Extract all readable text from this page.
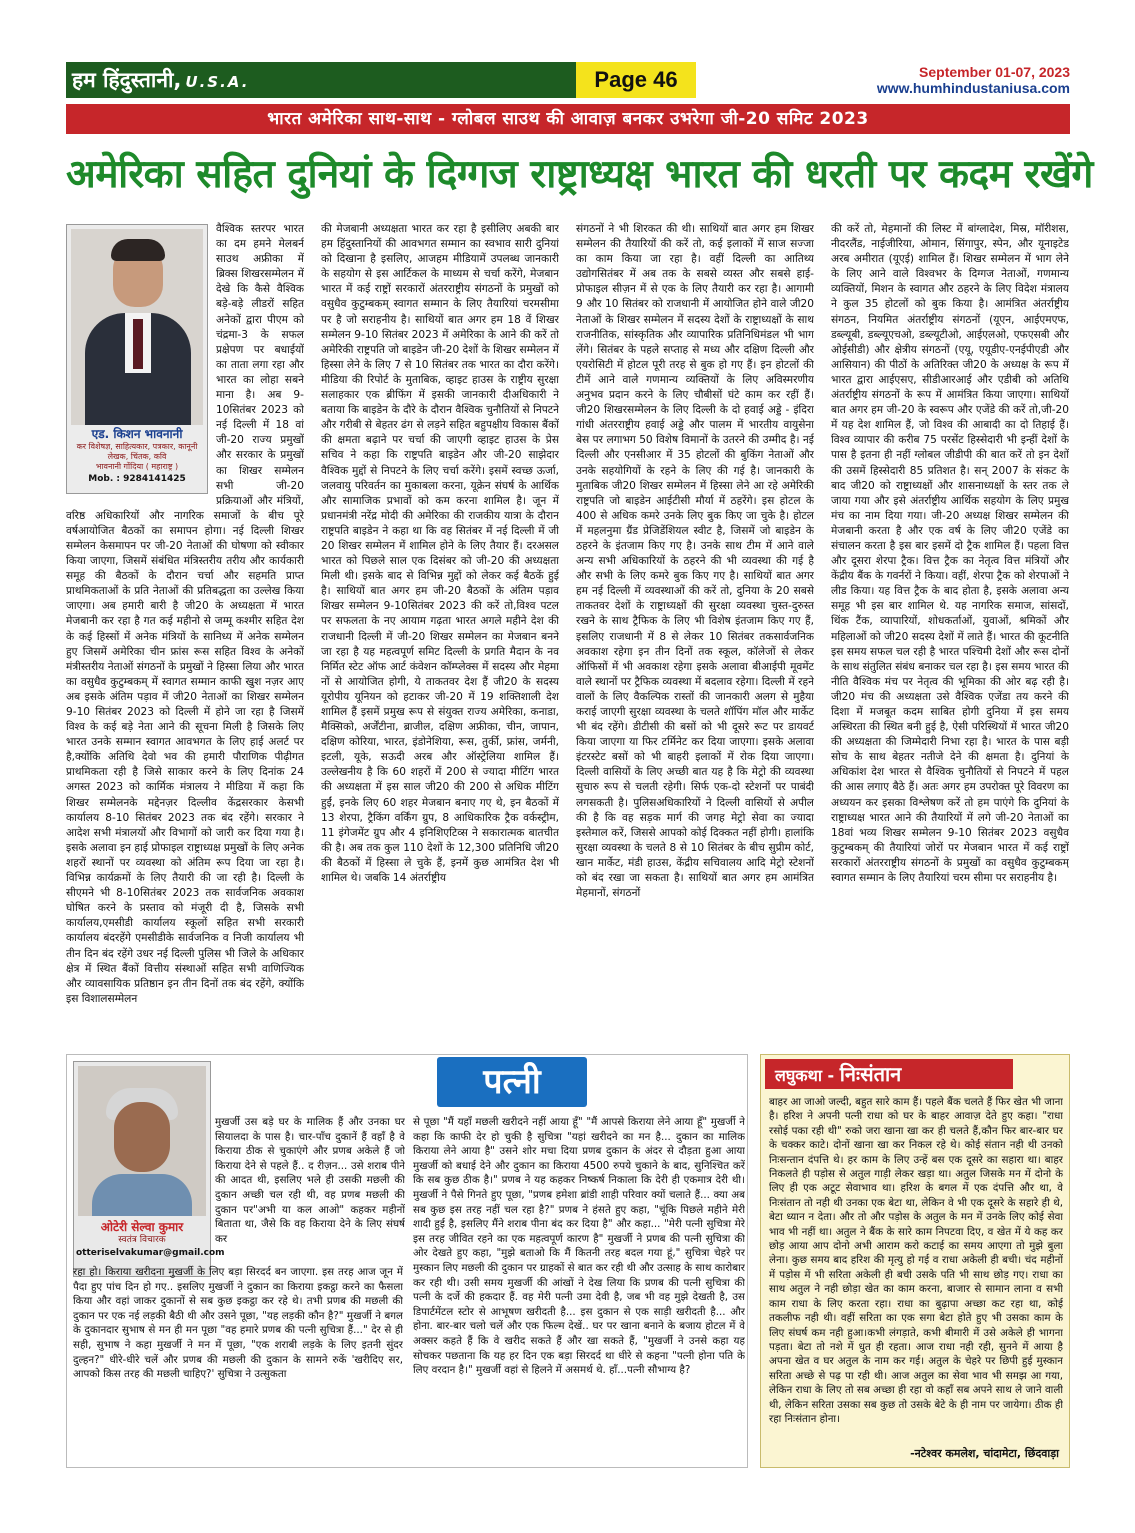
हम हिंदुस्तानी, U.S.A.	Page 46	September 01-07, 2023
www.humhindustaniusa.com
भारत अमेरिका साथ-साथ - ग्लोबल साउथ की आवाज़ बनकर उभरेगा जी-20 समिट 2023
अमेरिका सहित दुनियां के दिग्गज राष्ट्राध्यक्ष भारत की धरती पर कदम रखेंगे
एड. किशन भावनानी
कर विशेषज्ञ, साहित्यकार, पत्रकार, कानूनी लेखक, चिंतक, कवि
भावनानी गोंदिया ( महाराष्ट्र )
Mob. : 9284141425

वैश्विक स्तरपर भारत का दम हमने मेलबर्न साउथ अफ्रीका में ब्रिक्स शिखरसम्मेलन में देखे कि कैसे वैश्विक बड़े-बड़े लीडरों सहित अनेकों द्वारा पीएम को चंद्रमा-3 के सफल प्रक्षेपण पर बधाईयों का ताता लगा रहा और भारत का लोहा सबने माना है। अब 9-10सितंबर 2023 को नई दिल्ली में 18 वां जी-20 राज्य प्रमुखों और सरकार के प्रमुखों का शिखर सम्मेलन सभी जी-20 प्रक्रियाओं और मंत्रियों, वरिष्ठ अधिकारियों और नागरिक समाजों के बीच पूरे वर्षआयोजित बैठकों का समापन होगा। नई दिल्ली शिखर सम्मेलन केसमापन पर जी-20 नेताओं की घोषणा को स्वीकार किया जाएगा, जिसमें संबंधित मंत्रिस्तरीय तरीय और कार्यकारी समूह की बैठकों के दौरान चर्चा और सहमति प्राप्त प्राथमिकताओं के प्रति नेताओं की प्रतिबद्धता का उल्लेख किया जाएगा। अब हमारी बारी है जी20 के अध्यक्षता में भारत मेजबानी कर रहा है गत कई महीनो से जम्मू कश्मीर सहित देश के कई हिस्सों में अनेक मंत्रियों के सानिध्य में अनेक सम्मेलन हुए जिसमें अमेरिका चीन फ्रांस रूस सहित विश्व के अनेकों मंत्रीस्तरीय नेताओं संगठनों के प्रमुखों ने हिस्सा लिया और भारत का वसुधैव कुटुम्बकम् में स्वागत सम्मान काफी खुश नज़र आए अब इसके अंतिम पड़ाव में जी20 नेताओं का शिखर सम्मेलन 9-10 सितंबर 2023 को दिल्ली में होने जा रहा है जिसमें विश्व के कई बड़े नेता आने की सूचना मिली है जिसके लिए भारत उनके सम्मान स्वागत आवभगत के लिए हाई अलर्ट पर है,क्योंकि अतिथि देवो भव की हमारी पौराणिक पीढ़ीगत प्राथमिकता रही है जिसे साकार करने के लिए दिनांक 24 अगस्त 2023 को कार्मिक मंत्रालय ने मीडिया में कहा कि शिखर सम्मेलनके मद्देनज़र दिल्लीव केंद्रसरकार केसभी कार्यालय 8-10 सितंबर 2023 तक बंद रहेंगे। सरकार ने आदेश सभी मंत्रालयों और विभागों को जारी कर दिया गया है। इसके अलावा इन हाई प्रोफाइल राष्ट्राध्यक्ष प्रमुखों के लिए अनेक शहरों स्थानों पर व्यवस्था को अंतिम रूप दिया जा रहा है। विभिन्न कार्यक्रमों के लिए तैयारी की जा रही है। दिल्ली के सीएमने भी 8-10सितंबर 2023 तक सार्वजनिक अवकाश घोषित करने के प्रस्ताव को मंजूरी दी है, जिसके सभी कार्यालय,एमसीडी कार्यालय स्कूलों सहित सभी सरकारी कार्यालय बंदरहेंगे एमसीडीके सार्वजनिक व निजी कार्यालय भी तीन दिन बंद रहेंगे उधर नई दिल्ली पुलिस भी जिले के अधिकार क्षेत्र में स्थित बैंकों वित्तीय संस्थाओं सहित सभी वाणिज्यिक और व्यावसायिक प्रतिष्ठान इन तीन दिनों तक बंद रहेंगे, क्योंकि इस विशालसम्मेलन

की मेजबानी अध्यक्षता भारत कर रहा है इसीलिए अबकी बार हम हिंदुस्तानियों की आवभगत सम्मान का स्वभाव सारी दुनियां को दिखाना है इसलिए, आजहम मीडियामें उपलब्ध जानकारी के सहयोग से इस आर्टिकल के माध्यम से चर्चा करेंगे, मेजबान भारत में कई राष्ट्रों सरकारों अंतरराष्ट्रीय संगठनों के प्रमुखों को वसुधैव कुटुम्बकम् स्वागत सम्मान के लिए तैयारियां चरमसीमा पर है जो सराहनीय है। साथियों बात अगर हम 18 वें शिखर सम्मेलन 9-10 सितंबर 2023 में अमेरिका के आने की करें तो अमेरिकी राष्ट्रपति जो बाइडेन जी-20 देशों के शिखर सम्मेलन में हिस्सा लेने के लिए 7 से 10 सितंबर तक भारत का दौरा करेंगे। मीडिया की रिपोर्ट के मुताबिक, व्हाइट हाउस के राष्ट्रीय सुरक्षा सलाहकार एक ब्रीफिंग में इसकी जानकारी दीअधिकारी ने बताया कि बाइडेन के दौरे के दौरान वैश्विक चुनौतियों से निपटने और गरीबी से बेहतर ढंग से लड़ने सहित बहुपक्षीय विकास बैंकों की क्षमता बढ़ाने पर चर्चा की जाएगी व्हाइट हाउस के प्रेस सचिव ने कहा कि राष्ट्रपति बाइडेन और जी-20 साझेदार वैश्विक मुद्दों से निपटने के लिए चर्चा करेंगे। इसमें स्वच्छ ऊर्जा, जलवायु परिवर्तन का मुकाबला करना, यूक्रेन संघर्ष के आर्थिक और सामाजिक प्रभावों को कम करना शामिल है। जून में प्रधानमंत्री नरेंद्र मोदी की अमेरिका की राजकीय यात्रा के दौरान राष्ट्रपति बाइडेन ने कहा था कि वह सितंबर में नई दिल्ली में जी 20 शिखर सम्मेलन में शामिल होने के लिए तैयार हैं। दरअसल भारत को पिछले साल एक दिसंबर को जी-20 की अध्यक्षता मिली थी। इसके बाद से विभिन्न मुद्दों को लेकर कई बैठकें हुई है। साथियों बात अगर हम जी-20 बैठकों के अंतिम पड़ाव शिखर सम्मेलन 9-10सितंबर 2023 की करें तो,विश्व पटल पर सफलता के नए आयाम गढ़ता भारत अगले महीने देश की राजधानी दिल्ली में जी-20 शिखर सम्मेलन का मेजबान बनने जा रहा है यह महत्वपूर्ण समिट दिल्ली के प्रगति मैदान के नव निर्मित स्टेट ऑफ आर्ट कंवेशन कॉम्प्लेक्स में सदस्य और मेहमा नों से आयोजित होगी, ये ताकतवर देश हैं जी20 के सदस्य यूरोपीय यूनियन को हटाकर जी-20 में 19 शक्तिशाली देश शामिल हैं इसमें प्रमुख रूप से संयुक्त राज्य अमेरिका, कनाडा, मैक्सिको, अर्जेंटीना, ब्राजील, दक्षिण अफ्रीका, चीन, जापान, दक्षिण कोरिया, भारत, इंडोनेशिया, रूस, तुर्की, फ्रांस, जर्मनी, इटली, यूके, सऊदी अरब और ऑस्ट्रेलिया शामिल हैं। उल्लेखनीय है कि 60 शहरों में 200 से ज्यादा मीटिंग भारत की अध्यक्षता में इस साल जी20 की 200 से अधिक मीटिंग हुईं, इनके लिए 60 शहर मेजबान बनाए गए थे, इन बैठकों में 13 शेरपा, ट्रैकिंग वर्किंग ग्रुप, 8 आधिकारिक ट्रैक वर्कस्ट्रीम, 11 इंगेजमेंट ग्रुप और 4 इनिशिएटिव्स ने सकारात्मक बातचीत की है। अब तक कुल 110 देशों के 12,300 प्रतिनिधि जी20 की बैठकों में हिस्सा ले चुके हैं, इनमें कुछ आमंत्रित देश भी शामिल थे। जबकि 14 अंतर्राष्ट्रीय

संगठनों ने भी शिरकत की थी। साथियों बात अगर हम शिखर सम्मेलन की तैयारियों की करें तो, कई इलाकों में साज सज्जा का काम किया जा रहा है। वहीं दिल्ली का आतिथ्य उद्योगसितंबर में अब तक के सबसे व्यस्त और सबसे हाई-प्रोफाइल सीज़न में से एक के लिए तैयारी कर रहा है। आगामी 9 और 10 सितंबर को राजधानी में आयोजित होने वाले जी20 नेताओं के शिखर सम्मेलन में सदस्य देशों के राष्ट्राध्यक्षों के साथ राजनीतिक, सांस्कृतिक और व्यापारिक प्रतिनिधिमंडल भी भाग लेंगे। सितंबर के पहले सप्ताह से मध्य और दक्षिण दिल्ली और एयरोसिटी में होटल पूरी तरह से बुक हो गए हैं। इन होटलों की टीमें आने वाले गणमान्य व्यक्तियों के लिए अविस्मरणीय अनुभव प्रदान करने के लिए चौबीसों घंटे काम कर रहीं हैं। जी20 शिखरसम्मेलन के लिए दिल्ली के दो हवाई अड्डे - इंदिरा गांधी अंतरराष्ट्रीय हवाई अड्डे और पालम में भारतीय वायुसेना बेस पर लगाभग 50 विशेष विमानों के उतरने की उम्मीद है। नई दिल्ली और एनसीआर में 35 होटलों की बुकिंग नेताओं और उनके सहयोगियों के रहने के लिए की गई है। जानकारी के मुताबिक जी20 शिखर सम्मेलन में हिस्सा लेने आ रहे अमेरिकी राष्ट्रपति जो बाइडेन आईटीसी मौर्या में ठहरेंगे। इस होटल के 400 से अधिक कमरे उनके लिए बुक किए जा चुके है। होटल में महलनुमा ग्रैंड प्रेजिडेंशियल स्वीट है, जिसमें जो बाइडेन के ठहरने के इंतजाम किए गए है। उनके साथ टीम में आने वाले अन्य सभी अधिकारियों के ठहरने की भी व्यवस्था की गई है और सभी के लिए कमरे बुक किए गए है। साथियों बात अगर हम नई दिल्ली में व्यवस्थाओं की करें तो, दुनिया के 20 सबसे ताकतवर देशों के राष्ट्राध्यक्षों की सुरक्षा व्यवस्था चुस्त-दुरुस्त रखने के साथ ट्रैफिक के लिए भी विशेष इंतजाम किए गए हैं, इसलिए राजधानी में 8 से लेकर 10 सितंबर तकसार्वजनिक अवकाश रहेगा इन तीन दिनों तक स्कूल, कॉलेजों से लेकर ऑफिसों में भी अवकाश रहेगा इसके अलावा बीआईपी मूवमेंट वाले स्थानों पर ट्रैफिक व्यवस्था में बदलाव रहेगा। दिल्ली में रहने वालों के लिए वैकल्पिक रास्तों की जानकारी अलग से मुहैया कराई जाएगी सुरक्षा व्यवस्था के चलते शॉपिंग मॉल और मार्केट भी बंद रहेंगे। डीटीसी की बसों को भी दूसरे रूट पर डायवर्ट किया जाएगा या फिर टर्मिनेट कर दिया जाएगा। इसके अलावा इंटरस्टेट बसों को भी बाहरी इलाकों में रोक दिया जाएगा। दिल्ली वासियों के लिए अच्छी बात यह है कि मेट्रो की व्यवस्था सुचारु रूप से चलती रहेगी। सिर्फ एक-दो स्टेशनों पर पाबंदी लगसकती है। पुलिसअधिकारियों ने दिल्ली वासियों से अपील की है कि वह सड़क मार्ग की जगह मेट्रो सेवा का ज्यादा इस्तेमाल करें, जिससे आपको कोई दिक्कत नहीं होगी। हालांकि सुरक्षा व्यवस्था के चलते 8 से 10 सितंबर के बीच सुप्रीम कोर्ट, खान मार्केट, मंडी हाउस, केंद्रीय सचिवालय आदि मेट्रो स्टेशनों को बंद रखा जा सकता है। साथियों बात अगर हम आमंत्रित मेहमानों, संगठनों

की करें तो, मेहमानों की लिस्ट में बांग्लादेश, मिस्र, मॉरीशस, नीदरलैंड, नाईजीरिया, ओमान, सिंगापुर, स्पेन, और यूनाइटेड अरब अमीरात (यूएई) शामिल हैं। शिखर सम्मेलन में भाग लेने के लिए आने वाले विश्वभर के दिग्गज नेताओं, गणमान्य व्यक्तियों, मिशन के स्वागत और ठहरने के लिए विदेश मंत्रालय ने कुल 35 होटलों को बुक किया है। आमंत्रित अंतर्राष्ट्रीय संगठन, नियमित अंतर्राष्ट्रीय संगठनों (यूएन, आईएमएफ, डब्ल्यूबी, डब्ल्यूएचओ, डब्ल्यूटीओ, आईएलओ, एफएसबी और ओईसीडी) और क्षेत्रीय संगठनों (एयू, एयूडीए-एनईपीएडी और आसियान) की पीठों के अतिरिक्त जी20 के अध्यक्ष के रूप में भारत द्वारा आईएसए, सीडीआरआई और एडीबी को अतिथि अंतर्राष्ट्रीय संगठनों के रूप में आमंत्रित किया जाएगा। साथियों बात अगर हम जी-20 के स्वरूप और एजेंडे की करें तो,जी-20 में यह देश शामिल हैं, जो विश्व की आबादी का दो तिहाई हैं। विश्व व्यापार की करीब 75 परसेंट हिस्सेदारी भी इन्हीं देशों के पास है इतना ही नहीं ग्लोबल जीडीपी की बात करें तो इन देशों की उसमें हिस्सेदारी 85 प्रतिशत है। सन् 2007 के संकट के बाद जी20 को राष्ट्राध्यक्षों और शासनाध्यक्षों के स्तर तक ले जाया गया और इसे अंतर्राष्ट्रीय आर्थिक सहयोग के लिए प्रमुख मंच का नाम दिया गया। जी-20 अध्यक्ष शिखर सम्मेलन की मेजबानी करता है और एक वर्ष के लिए जी20 एजेंडे का संचालन करता है इस बार इसमें दो ट्रैक शामिल हैं। पहला वित्त और दूसरा शेरपा ट्रैक। वित्त ट्रैक का नेतृत्व वित्त मंत्रियों और केंद्रीय बैंक के गवर्नरों ने किया। वहीं, शेरपा ट्रैक को शेरपाओं ने लीड किया। यह वित्त ट्रैक के बाद होता है, इसके अलावा अन्य समूह भी इस बार शामिल थे. यह नागरिक समाज, सांसदों, थिंक टैंक, व्यापारियों, शोधकर्ताओं, युवाओं, श्रमिकों और महिलाओं को जी20 सदस्य देशों में लाते हैं। भारत की कूटनीति इस समय सफल चल रही है भारत पश्चिमी देशों और रूस दोनों के साथ संतुलित संबंध बनाकर चल रहा है। इस समय भारत की नीति वैश्विक मंच पर नेतृत्व की भूमिका की ओर बढ़ रही है। जी20 मंच की अध्यक्षता उसे वैश्विक एजेंडा तय करने की दिशा में मजबूत कदम साबित होगी दुनिया में इस समय अस्थिरता की स्थित बनी हुई है, ऐसी परिस्थियों में भारत जी20 की अध्यक्षता की जिम्मेदारी निभा रहा है। भारत के पास बड़ी सोच के साथ बेहतर नतीजे देने की क्षमता है। दुनियां के अधिकांश देश भारत से वैश्विक चुनौतियों से निपटने में पहल की आस लगाए बैठे हैं। अतः अगर हम उपरोक्त पूरे विवरण का अध्ययन कर इसका विश्लेषण करें तो हम पाएंगे कि दुनियां के राष्ट्राध्यक्ष भारत आने की तैयारियों में लगे जी-20 नेताओं का 18वां भव्य शिखर सम्मेलन 9-10 सितंबर 2023 वसुधैव कुटुम्बकम् की तैयारियां जोरों पर मेजबान भारत में कई राष्ट्रों सरकारों अंतरराष्ट्रीय संगठनों के प्रमुखों का वसुधैव कुटुम्बकम् स्वागत सम्मान के लिए तैयारियां चरम सीमा पर सराहनीय है।

ओटेरी सेल्वा कुमार
स्वतंत्र विचारक
otteriselvakumar@gmail.com
पत्नी
मुखर्जी उस बड़े घर के मालिक हैं और उनका घर सियालदा के पास है। चार-पाँच दुकानें हैं वहाँ है वे किराया ठीक से चुकाएंगे और प्रणब अकेले हैं जो किराया देने से पहले हैं.. द रीज़न... उसे शराब पीने की आदत थी, इसलिए भले ही उसकी मछली की दुकान अच्छी चल रही थी, वह प्रणब मछली की दुकान पर"अभी या कल आओ" कहकर महीनों बिताता था, जैसे कि वह किराया देने के लिए संघर्ष कर
रहा हो। किराया खरीदना मुखर्जी के लिए बड़ा सिरदर्द बन जाएगा. इस तरह आज जून में पैदा हुए पांच दिन हो गए.. इसलिए मुखर्जी ने दुकान का किराया इकट्ठा करने का फैसला किया और वहां जाकर दुकानों से सब कुछ इकट्ठा कर रहे थे। तभी प्रणब की मछली की दुकान पर एक नई लड़की बैठी थी और उसने पूछा, "यह लड़की कौन है?" मुखर्जी ने बगल के दुकानदार सुभाष से मन ही मन पूछा "वह हमारे प्रणब की पत्नी सुचित्रा हैं..." देर से ही सही, सुभाष ने कहा मुखर्जी ने मन में पूछा, "एक शराबी लड़के के लिए इतनी सुंदर दुल्हन?" धीरे-धीरे चलें और प्रणब की मछली की दुकान के सामने रुकें 'खरीदिए सर, आपको किस तरह की मछली चाहिए?' सुचित्रा ने उत्सुकता
से पूछा "मैं यहाँ मछली खरीदने नहीं आया हूँ" "मैं आपसे किराया लेने आया हूँ" मुखर्जी ने कहा कि काफी देर हो चुकी है सुचित्रा "यहां खरीदने का मन है... दुकान का मालिक किराया लेने आया है" उसने शोर मचा दिया प्रणब दुकान के अंदर से दौड़ता हुआ आया मुखर्जी को बधाई देने और दुकान का किराया 4500 रुपये चुकाने के बाद, सुनिश्चित करें कि सब कुछ ठीक है।" प्रणब ने यह कहकर निष्कर्ष निकाला कि देरी ही एकमात्र देरी थी। मुखर्जी ने पैसे गिनते हुए पूछा, "प्रणब हमेशा ब्रांडी शाही परिवार क्यों चलाते हैं... क्या अब सब कुछ इस तरह नहीं चल रहा है?" प्रणब ने हंसते हुए कहा, "चूंकि पिछले महीने मेरी शादी हुई है, इसलिए मैंने शराब पीना बंद कर दिया है" और कहा... "मेरी पत्नी सुचित्रा मेरे इस तरह जीवित रहने का एक महत्वपूर्ण कारण है" मुखर्जी ने प्रणब की पत्नी सुचित्रा की ओर देखते हुए कहा, "मुझे बताओ कि मैं कितनी तरह बदल गया हूं," सुचित्रा चेहरे पर मुस्कान लिए मछली की दुकान पर ग्राहकों से बात कर रही थी और उत्साह के साथ कारोबार कर रही थी। उसी समय मुखर्जी की आंखों ने देख लिया कि प्रणब की पत्नी सुचित्रा की पत्नी के दर्जे की हकदार हैं. वह मेरी पत्नी उमा देवी है, जब भी वह मुझे देखती है, उस डिपार्टमेंटल स्टोर से आभूषण खरीदती है... इस दुकान से एक साड़ी खरीदती है... और होना. बार-बार चलो चलें और एक फिल्म देखें.. घर पर खाना बनाने के बजाय होटल में वे अक्सर कहते हैं कि वे खरीद सकते हैं और खा सकते हैं, "मुखर्जी ने उनसे कहा यह सोचकर पछताना कि यह हर दिन एक बड़ा सिरदर्द था धीरे से कहना "पत्नी होना पति के लिए वरदान है।" मुखर्जी वहां से हिलने में असमर्थ थे. हाँ...पत्नी सौभाग्य है?
लघुकथा - निःसंतान
बाहर आ जाओ जल्दी, बहुत सारे काम हैं। पहले बैंक चलते हैं फिर खेत भी जाना है। हरिश ने अपनी पत्नी राधा को घर के बाहर आवाज़ देते हुए कहा। "राधा रसोई पका रही थी" रुको जरा खाना खा कर ही चलते हैं,कौन फिर बार-बार घर के चक्कर काटे। दोनों खाना खा कर निकल रहे थे। कोई संतान नही थी उनको निःसन्तान दंपत्ति थे। हर काम के लिए उन्हें बस एक दूसरे का सहारा था। बाहर निकलते ही पड़ोस से अतुल गाड़ी लेकर खड़ा था। अतुल जिसके मन में दोनो के लिए ही एक अटूट सेवाभाव था। हरिश के बगल में एक दंपत्ति और था, वे निःसंतान तो नही थी उनका एक बेटा था, लेकिन वे भी एक दूसरे के सहारे ही थे, बेटा ध्यान न देता। और तो और पड़ोस के अतुल के मन में उनके लिए कोई सेवा भाव भी नहीं था। अतुल ने बैंक के सारे काम निपटवा दिए, व खेत में ये कह कर छोड़ आया आप दोनो अभी आराम करो कटाई का समय आएगा तो मुझे बुला लेना। कुछ समय बाद हरिश की मृत्यु हो गई व राधा अकेली ही बची। चंद महीनों में पड़ोस में भी सरिता अकेली ही बची उसके पति भी साथ छोड़ गए। राधा का साथ अतुल ने नही छोड़ा खेत का काम करना, बाजार से सामान लाना व सभी काम राधा के लिए करता रहा। राधा का बुढ़ापा अच्छा कट रहा था, कोई तकलीफ नही थी। वहीं सरिता का एक सगा बेटा होते हुए भी उसका काम के लिए संघर्ष कम नही हुआ।कभी लंगड़ाते, कभी बीमारी में उसे अकेले ही भागना पड़ता। बेटा तो नशे में धुत ही रहता। आज राधा नही रही, सुनने में आया है अपना खेत व घर अतुल के नाम कर गई। अतुल के चेहरे पर छिपी हुई मुस्कान सरिता अच्छे से पढ़ पा रही थी। आज अतुल का सेवा भाव भी समझ आ गया, लेकिन राधा के लिए तो सब अच्छा ही रहा वो कहाँ सब अपने साथ ले जाने वाली थी, लेकिन सरिता उसका सब कुछ तो उसके बेटे के ही नाम पर जायेगा। ठीक ही रहा निःसंतान होना।
-नटेश्वर कमलेश, चांदामेटा, छिंदवाड़ा
